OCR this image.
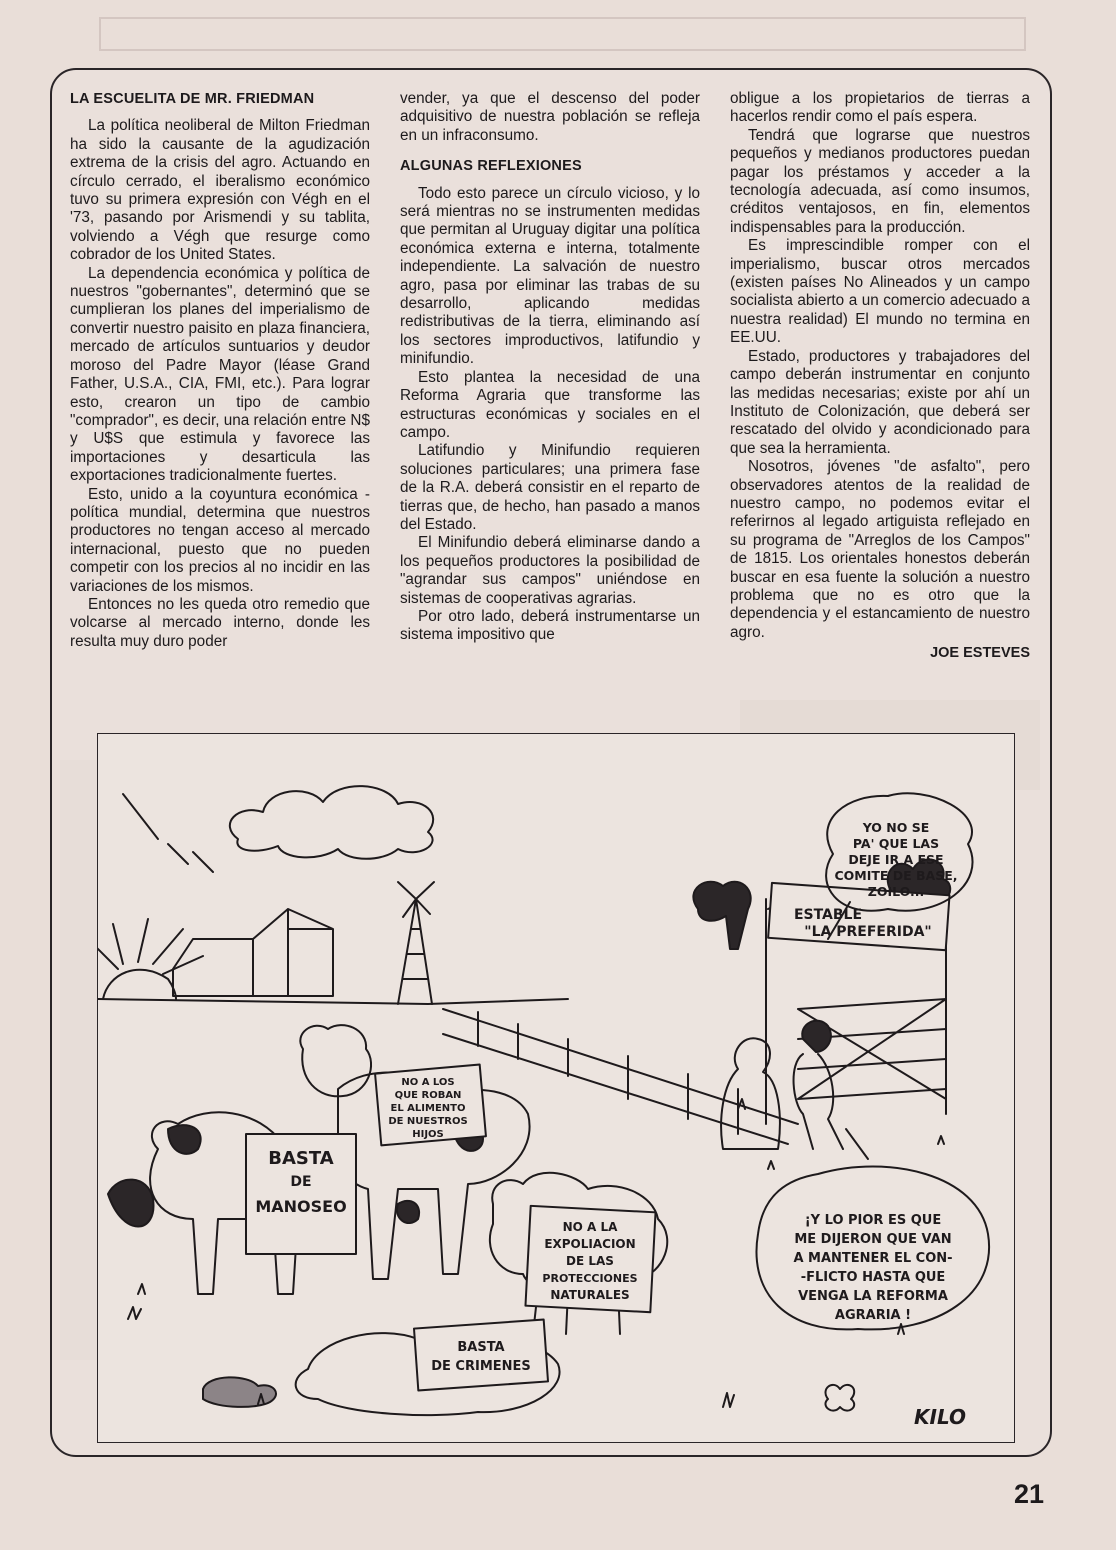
LA ESCUELITA DE MR. FRIEDMAN

La política neoliberal de Milton Friedman ha sido la causante de la agudización extrema de la crisis del agro. Actuando en círculo cerrado, el iberalismo económico tuvo su primera expresión con Végh en el '73, pasando por Arismendi y su tablita, volviendo a Végh que resurge como cobrador de los United States.

La dependencia económica y política de nuestros "gobernantes", determinó que se cumplieran los planes del imperialismo de convertir nuestro paisito en plaza financiera, mercado de artículos suntuarios y deudor moroso del Padre Mayor (léase Grand Father, U.S.A., CIA, FMI, etc.). Para lograr esto, crearon un tipo de cambio "comprador", es decir, una relación entre N$ y U$S que estimula y favorece las importaciones y desarticula las exportaciones tradicionalmente fuertes.

Esto, unido a la coyuntura económica - política mundial, determina que nuestros productores no tengan acceso al mercado internacional, puesto que no pueden competir con los precios al no incidir en las variaciones de los mismos.

Entonces no les queda otro remedio que volcarse al mercado interno, donde les resulta muy duro poder

vender, ya que el descenso del poder adquisitivo de nuestra población se refleja en un infraconsumo.

ALGUNAS REFLEXIONES

Todo esto parece un círculo vicioso, y lo será mientras no se instrumenten medidas que permitan al Uruguay digitar una política económica externa e interna, totalmente independiente. La salvación de nuestro agro, pasa por eliminar las trabas de su desarrollo, aplicando medidas redistributivas de la tierra, eliminando así los sectores improductivos, latifundio y minifundio.

Esto plantea la necesidad de una Reforma Agraria que transforme las estructuras económicas y sociales en el campo.

Latifundio y Minifundio requieren soluciones particulares; una primera fase de la R.A. deberá consistir en el reparto de tierras que, de hecho, han pasado a manos del Estado.

El Minifundio deberá eliminarse dando a los pequeños productores la posibilidad de "agrandar sus campos" uniéndose en sistemas de cooperativas agrarias.

Por otro lado, deberá instrumentarse un sistema impositivo que

obligue a los propietarios de tierras a hacerlos rendir como el país espera.

Tendrá que lograrse que nuestros pequeños y medianos productores puedan pagar los préstamos y acceder a la tecnología adecuada, así como insumos, créditos ventajosos, en fin, elementos indispensables para la producción.

Es imprescindible romper con el imperialismo, buscar otros mercados (existen países No Alineados y un campo socialista abierto a un comercio adecuado a nuestra realidad) El mundo no termina en EE.UU.

Estado, productores y trabajadores del campo deberán instrumentar en conjunto las medidas necesarias; existe por ahí un Instituto de Colonización, que deberá ser rescatado del olvido y acondicionado para que sea la herramienta.

Nosotros, jóvenes "de asfalto", pero observadores atentos de la realidad de nuestro campo, no podemos evitar el referirnos al legado artiguista reflejado en su programa de "Arreglos de los Campos" de 1815. Los orientales honestos deberán buscar en esa fuente la solución a nuestro problema que no es otro que la dependencia y el estancamiento de nuestro agro.

JOE ESTEVES
YO NO SE
PA' QUE LAS
DEJE IR A ESE
COMITE DE BASE,
ZOILO...
ESTABLE
"LA PREFERIDA"
¡Y LO PIOR ES QUE
ME DIJERON QUE VAN
A MANTENER EL CON-
-FLICTO HASTA QUE
VENGA LA REFORMA
AGRARIA !
BASTA
DE
MANOSEO
NO A LOS
QUE ROBAN
EL ALIMENTO
DE NUESTROS
HIJOS
NO A LA
EXPOLIACION
DE LAS
PROTECCIONES
NATURALES
BASTA
DE CRIMENES
KILO
21
